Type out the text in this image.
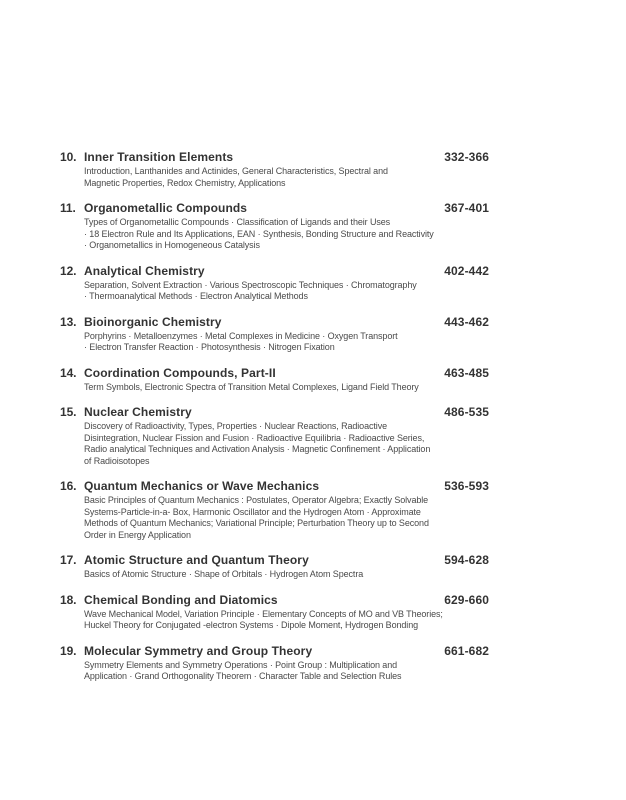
10. Inner Transition Elements	332-366
Introduction, Lanthanides and Actinides, General Characteristics, Spectral and
Magnetic Properties, Redox Chemistry, Applications
11. Organometallic Compounds	367-401
Types of Organometallic Compounds · Classification of Ligands and their Uses
· 18 Electron Rule and Its Applications, EAN · Synthesis, Bonding Structure and Reactivity
· Organometallics in Homogeneous Catalysis
12. Analytical Chemistry	402-442
Separation, Solvent Extraction · Various Spectroscopic Techniques · Chromatography
· Thermoanalytical Methods · Electron Analytical Methods
13. Bioinorganic Chemistry	443-462
Porphyrins · Metalloenzymes · Metal Complexes in Medicine · Oxygen Transport
· Electron Transfer Reaction · Photosynthesis · Nitrogen Fixation
14. Coordination Compounds, Part-II	463-485
Term Symbols, Electronic Spectra of Transition Metal Complexes, Ligand Field Theory
15. Nuclear Chemistry	486-535
Discovery of Radioactivity, Types, Properties · Nuclear Reactions, Radioactive
Disintegration, Nuclear Fission and Fusion · Radioactive Equilibria · Radioactive Series,
Radio analytical Techniques and Activation Analysis · Magnetic Confinement · Application
of Radioisotopes
16. Quantum Mechanics or Wave Mechanics	536-593
Basic Principles of Quantum Mechanics : Postulates, Operator Algebra; Exactly Solvable
Systems-Particle-in-a- Box, Harmonic Oscillator and the Hydrogen Atom · Approximate
Methods of Quantum Mechanics; Variational Principle; Perturbation Theory up to Second
Order in Energy Application
17. Atomic Structure and Quantum Theory	594-628
Basics of Atomic Structure · Shape of Orbitals · Hydrogen Atom Spectra
18. Chemical Bonding and Diatomics	629-660
Wave Mechanical Model, Variation Principle · Elementary Concepts of MO and VB Theories;
Huckel Theory for Conjugated -electron Systems · Dipole Moment, Hydrogen Bonding
19. Molecular Symmetry and Group Theory	661-682
Symmetry Elements and Symmetry Operations · Point Group : Multiplication and
Application · Grand Orthogonality Theorem · Character Table and Selection Rules
